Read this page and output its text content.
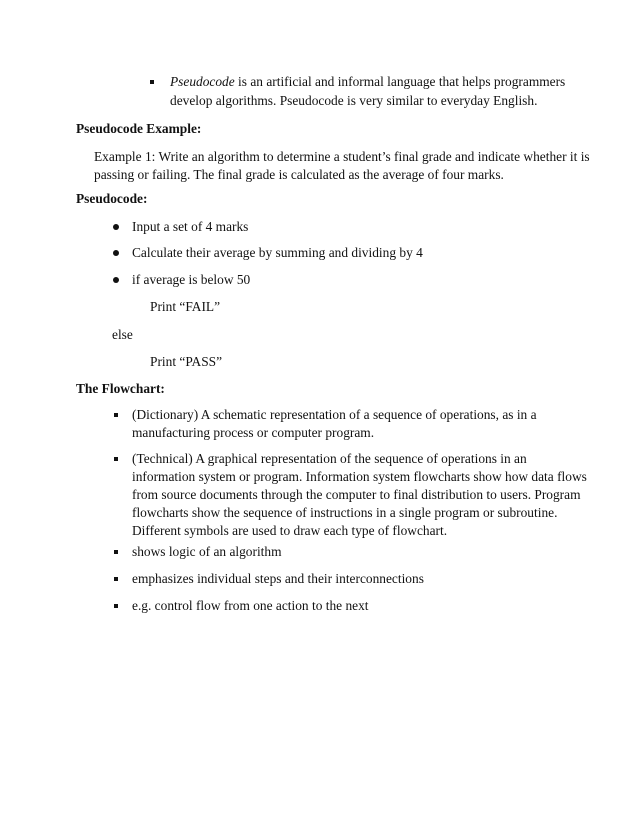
Pseudocode is an artificial and informal language that helps programmers
develop algorithms. Pseudocode is very similar to everyday English.
Pseudocode Example:
Example 1: Write an algorithm to determine a student’s final grade and indicate whether it is
passing or failing. The final grade is calculated as the average of four marks.
Pseudocode:
Input a set of 4 marks
Calculate their average by summing and dividing by 4
if average is below 50
Print “FAIL”
else
Print “PASS”
The Flowchart:
(Dictionary) A schematic representation of a sequence of operations, as in a
manufacturing process or computer program.
(Technical) A graphical representation of the sequence of operations in an
information system or program. Information system flowcharts show how data flows
from source documents through the computer to final distribution to users. Program
flowcharts show the sequence of instructions in a single program or subroutine.
Different symbols are used to draw each type of flowchart.
shows logic of an algorithm
emphasizes individual steps and their interconnections
e.g. control flow from one action to the next
